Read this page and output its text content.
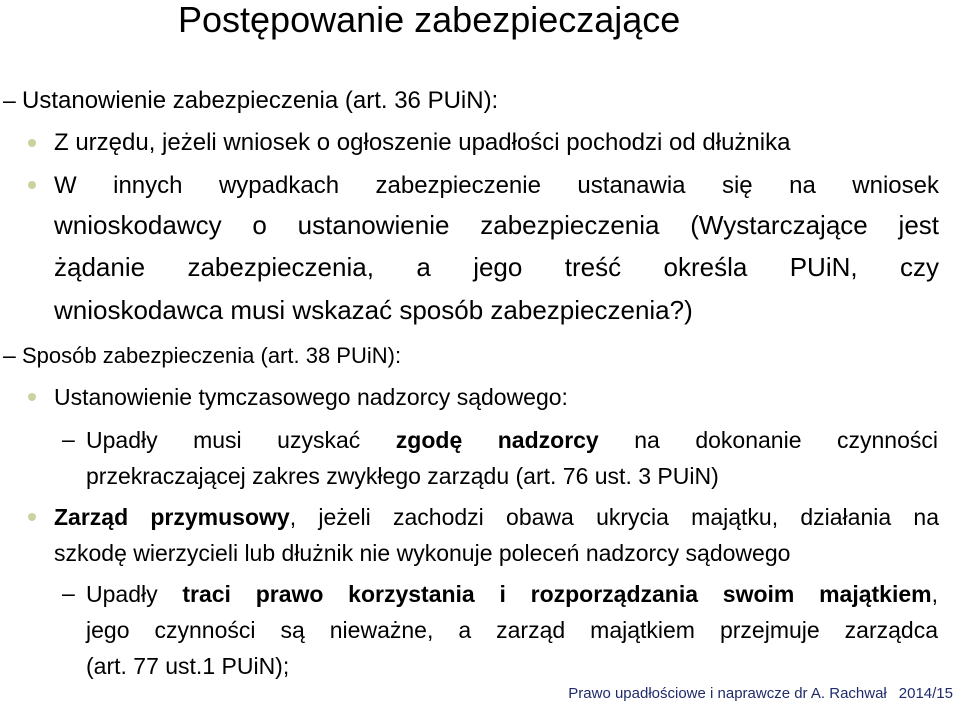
Postępowanie zabezpieczające
– Ustanowienie zabezpieczenia (art. 36 PUiN):
Z urzędu, jeżeli wniosek o ogłoszenie upadłości pochodzi od dłużnika
W innych wypadkach zabezpieczenie ustanawia się na wniosek
wnioskodawcy o ustanowienie zabezpieczenia (Wystarczające jest
żądanie zabezpieczenia, a jego treść określa PUiN, czy
wnioskodawca musi wskazać sposób zabezpieczenia?)
– Sposób zabezpieczenia (art. 38 PUiN):
Ustanowienie tymczasowego nadzorcy sądowego:
– Upadły musi uzyskać zgodę nadzorcy na dokonanie czynności
przekraczającej zakres zwykłego zarządu (art. 76 ust. 3 PUiN)
Zarząd przymusowy, jeżeli zachodzi obawa ukrycia majątku, działania na
szkodę wierzycieli lub dłużnik nie wykonuje poleceń nadzorcy sądowego
– Upadły traci prawo korzystania i rozporządzania swoim majątkiem,
jego czynności są nieważne, a zarząd majątkiem przejmuje zarządca
(art. 77 ust.1 PUiN);
Prawo upadłościowe i naprawcze dr A. Rachwał 2014/15
